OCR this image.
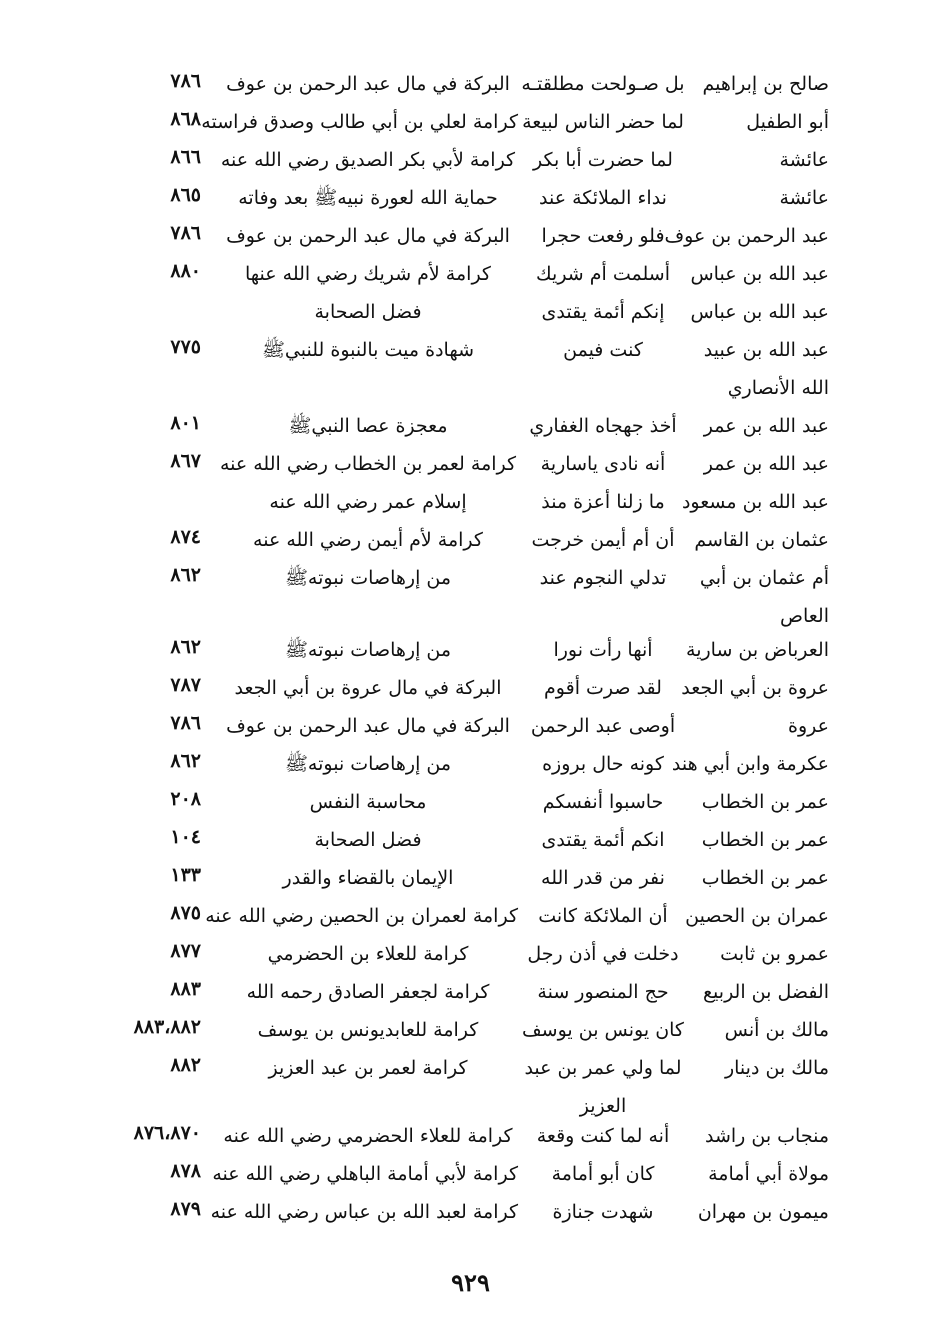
صالح بن إبراهيم
بل صـولحت مطلقتـه
البركة في مال عبد الرحمن بن عوف
٧٨٦
أبو الطفيل
لما حضر الناس لبيعة
كرامة لعلي بن أبي طالب وصدق فراسته
٨٦٨
عائشة
لما حضرت أبا بكر
كرامة لأبي بكر الصديق رضي الله عنه
٨٦٦
عائشة
نداء الملائكة عند
حماية الله لعورة نبيهﷺ بعد وفاته
٨٦٥
عبد الرحمن بن عوف
فلو رفعت حجرا
البركة في مال عبد الرحمن بن عوف
٧٨٦
عبد الله بن عباس
أسلمت أم شريك
كرامة لأم شريك رضي الله عنها
٨٨٠
عبد الله بن عباس
إنكم أئمة يقتدى
فضل الصحابة
عبد الله بن عبيد
كنت فيمن
شهادة ميت بالنبوة للنبيﷺ
٧٧٥
الله الأنصاري
عبد الله بن عمر
أخذ جهجاه الغفاري
معجزة عصا النبيﷺ
٨٠١
عبد الله بن عمر
أنه نادى ياسارية
كرامة لعمر بن الخطاب رضي الله عنه
٨٦٧
عبد الله بن مسعود
ما زلنا أعزة منذ
إسلام عمر رضي الله عنه
عثمان بن القاسم
أن أم أيمن خرجت
كرامة لأم أيمن رضي الله عنه
٨٧٤
أم عثمان بن أبي
تدلي النجوم عند
من إرهاصات نبوتهﷺ
٨٦٢
العاص
العرباض بن سارية
أنها رأت نورا
من إرهاصات نبوتهﷺ
٨٦٢
عروة بن أبي الجعد
لقد صرت أقوم
البركة في مال عروة بن أبي الجعد
٧٨٧
عروة
أوصى عبد الرحمن
البركة في مال عبد الرحمن بن عوف
٧٨٦
عكرمة وابن أبي هند
كونه حال بروزه
من إرهاصات نبوتهﷺ
٨٦٢
عمر بن الخطاب
حاسبوا أنفسكم
محاسبة النفس
٢٠٨
عمر بن الخطاب
انكم أئمة يقتدى
فضل الصحابة
١٠٤
عمر بن الخطاب
نفر من قدر الله
الإيمان بالقضاء والقدر
١٣٣
عمران بن الحصين
أن الملائكة كانت
كرامة لعمران بن الحصين رضي الله عنه
٨٧٥
عمرو بن ثابت
دخلت في أذن رجل
كرامة للعلاء بن الحضرمي
٨٧٧
الفضل بن الربيع
حج المنصور سنة
كرامة لجعفر الصادق رحمه الله
٨٨٣
مالك بن أنس
كان يونس بن يوسف
كرامة للعابديونس بن يوسف
٨٨٣،٨٨٢
مالك بن دينار
لما ولي عمر بن عبد
كرامة لعمر بن عبد العزيز
٨٨٢
العزيز
منجاب بن راشد
أنه لما كنت وقعة
كرامة للعلاء الحضرمي رضي الله عنه
٨٧٦،٨٧٠
مولاة أبي أمامة
كان أبو أمامة
كرامة لأبي أمامة الباهلي رضي الله عنه
٨٧٨
ميمون بن مهران
شهدت جنازة
كرامة لعبد الله بن عباس رضي الله عنه
٨٧٩
٩٢٩
